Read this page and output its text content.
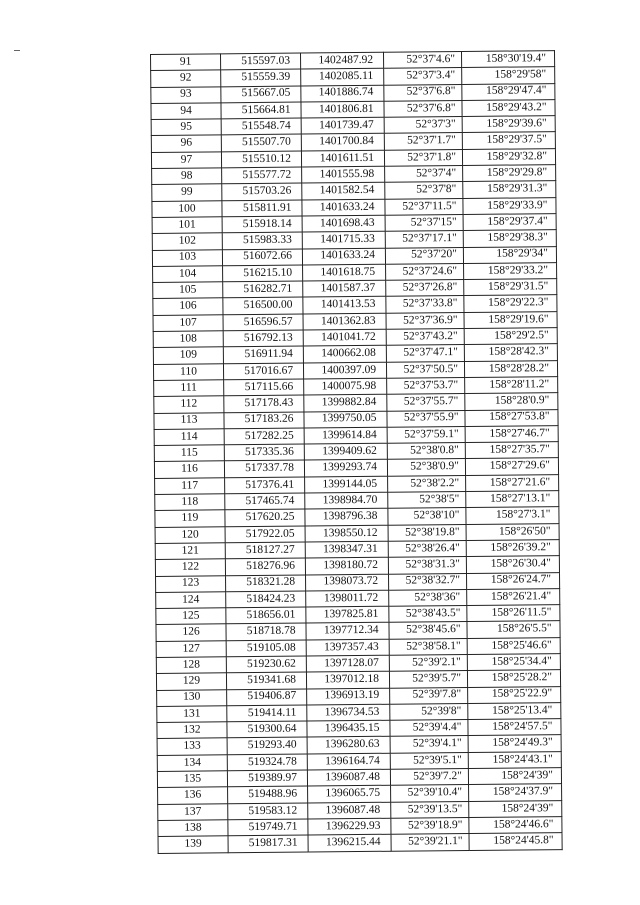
91	515597.03	1402487.92	52°37'4.6"	158°30'19.4"
92	515559.39	1402085.11	52°37'3.4"	158°29'58"
93	515667.05	1401886.74	52°37'6.8"	158°29'47.4"
94	515664.81	1401806.81	52°37'6.8"	158°29'43.2"
95	515548.74	1401739.47	52°37'3"	158°29'39.6"
96	515507.70	1401700.84	52°37'1.7"	158°29'37.5"
97	515510.12	1401611.51	52°37'1.8"	158°29'32.8"
98	515577.72	1401555.98	52°37'4"	158°29'29.8"
99	515703.26	1401582.54	52°37'8"	158°29'31.3"
100	515811.91	1401633.24	52°37'11.5"	158°29'33.9"
101	515918.14	1401698.43	52°37'15"	158°29'37.4"
102	515983.33	1401715.33	52°37'17.1"	158°29'38.3"
103	516072.66	1401633.24	52°37'20"	158°29'34"
104	516215.10	1401618.75	52°37'24.6"	158°29'33.2"
105	516282.71	1401587.37	52°37'26.8"	158°29'31.5"
106	516500.00	1401413.53	52°37'33.8"	158°29'22.3"
107	516596.57	1401362.83	52°37'36.9"	158°29'19.6"
108	516792.13	1401041.72	52°37'43.2"	158°29'2.5"
109	516911.94	1400662.08	52°37'47.1"	158°28'42.3"
110	517016.67	1400397.09	52°37'50.5"	158°28'28.2"
111	517115.66	1400075.98	52°37'53.7"	158°28'11.2"
112	517178.43	1399882.84	52°37'55.7"	158°28'0.9"
113	517183.26	1399750.05	52°37'55.9"	158°27'53.8"
114	517282.25	1399614.84	52°37'59.1"	158°27'46.7"
115	517335.36	1399409.62	52°38'0.8"	158°27'35.7"
116	517337.78	1399293.74	52°38'0.9"	158°27'29.6"
117	517376.41	1399144.05	52°38'2.2"	158°27'21.6"
118	517465.74	1398984.70	52°38'5"	158°27'13.1"
119	517620.25	1398796.38	52°38'10"	158°27'3.1"
120	517922.05	1398550.12	52°38'19.8"	158°26'50"
121	518127.27	1398347.31	52°38'26.4"	158°26'39.2"
122	518276.96	1398180.72	52°38'31.3"	158°26'30.4"
123	518321.28	1398073.72	52°38'32.7"	158°26'24.7"
124	518424.23	1398011.72	52°38'36"	158°26'21.4"
125	518656.01	1397825.81	52°38'43.5"	158°26'11.5"
126	518718.78	1397712.34	52°38'45.6"	158°26'5.5"
127	519105.08	1397357.43	52°38'58.1"	158°25'46.6"
128	519230.62	1397128.07	52°39'2.1"	158°25'34.4"
129	519341.68	1397012.18	52°39'5.7"	158°25'28.2"
130	519406.87	1396913.19	52°39'7.8"	158°25'22.9"
131	519414.11	1396734.53	52°39'8"	158°25'13.4"
132	519300.64	1396435.15	52°39'4.4"	158°24'57.5"
133	519293.40	1396280.63	52°39'4.1"	158°24'49.3"
134	519324.78	1396164.74	52°39'5.1"	158°24'43.1"
135	519389.97	1396087.48	52°39'7.2"	158°24'39"
136	519488.96	1396065.75	52°39'10.4"	158°24'37.9"
137	519583.12	1396087.48	52°39'13.5"	158°24'39"
138	519749.71	1396229.93	52°39'18.9"	158°24'46.6"
139	519817.31	1396215.44	52°39'21.1"	158°24'45.8"
